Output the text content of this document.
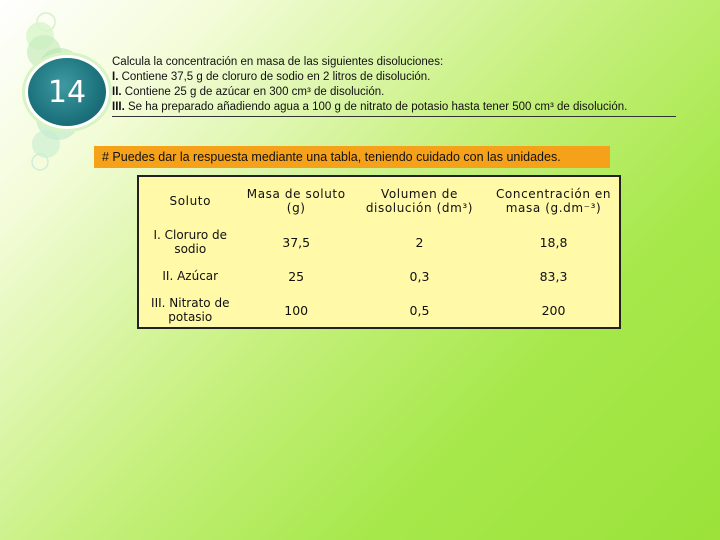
14
Calcula la concentración en masa de las siguientes disoluciones:
I. Contiene 37,5 g de cloruro de sodio en 2 litros de disolución.
II. Contiene 25 g de azúcar en 300 cm³ de disolución.
III. Se ha preparado añadiendo agua a 100 g de nitrato de potasio hasta tener 500 cm³ de disolución.
# Puedes dar la respuesta mediante una tabla, teniendo cuidado con las unidades.
Soluto	Masa de soluto (g)	Volumen de disolución (dm³)	Concentración en masa (g.dm⁻³)
I. Cloruro de sodio	37,5	2	18,8
II. Azúcar	25	0,3	83,3
III. Nitrato de potasio	100	0,5	200
